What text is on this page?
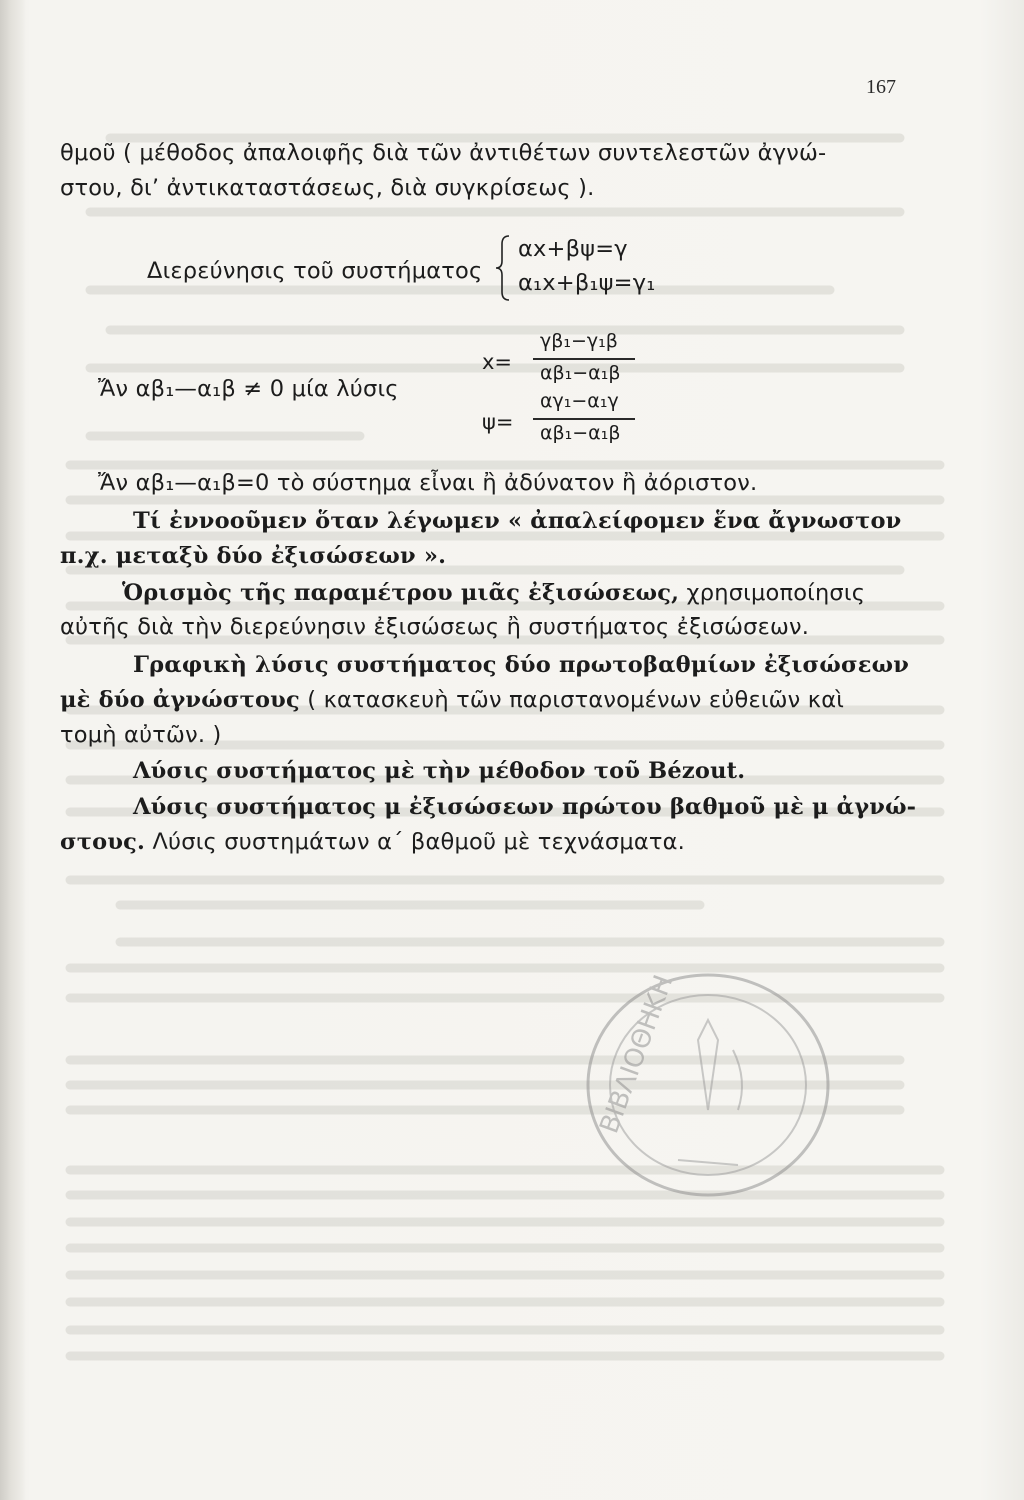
167
θμοῦ ( μέθοδος ἀπαλοιφῆς διὰ τῶν ἀντιθέτων συντελεστῶν ἀγνώ-
στου, δι’ ἀντικαταστάσεως, διὰ συγκρίσεως ).
Διερεύνησις τοῦ συστήματος
αx+βψ=γ
α₁x+β₁ψ=γ₁
Ἄν αβ₁—α₁β ≠ 0 μία λύσις
x=
γβ₁−γ₁β
αβ₁−α₁β
ψ=
αγ₁−α₁γ
αβ₁−α₁β
Ἄν αβ₁—α₁β=0 τὸ σύστημα εἶναι ἢ ἀδύνατον ἢ ἀόριστον.
Τί ἐννοοῦμεν ὅταν λέγωμεν « ἀπαλείφομεν ἕνα ἄγνωστον
π.χ. μεταξὺ δύο ἐξισώσεων ».
Ὁρισμὸς τῆς παραμέτρου μιᾶς ἐξισώσεως, χρησιμοποίησις
αὐτῆς διὰ τὴν διερεύνησιν ἐξισώσεως ἢ συστήματος ἐξισώσεων.
Γραφικὴ λύσις συστήματος δύο πρωτοβαθμίων ἐξισώσεων
μὲ δύο ἀγνώστους ( κατασκευὴ τῶν παριστανομένων εὐθειῶν καὶ
τομὴ αὐτῶν. )
Λύσις συστήματος μὲ τὴν μέθοδον τοῦ Bézout.
Λύσις συστήματος μ ἐξισώσεων πρώτου βαθμοῦ μὲ μ ἀγνώ-
στους. Λύσις συστημάτων α΄ βαθμοῦ μὲ τεχνάσματα.
ΒΙΒΛΙΟΘΗΚΗ
